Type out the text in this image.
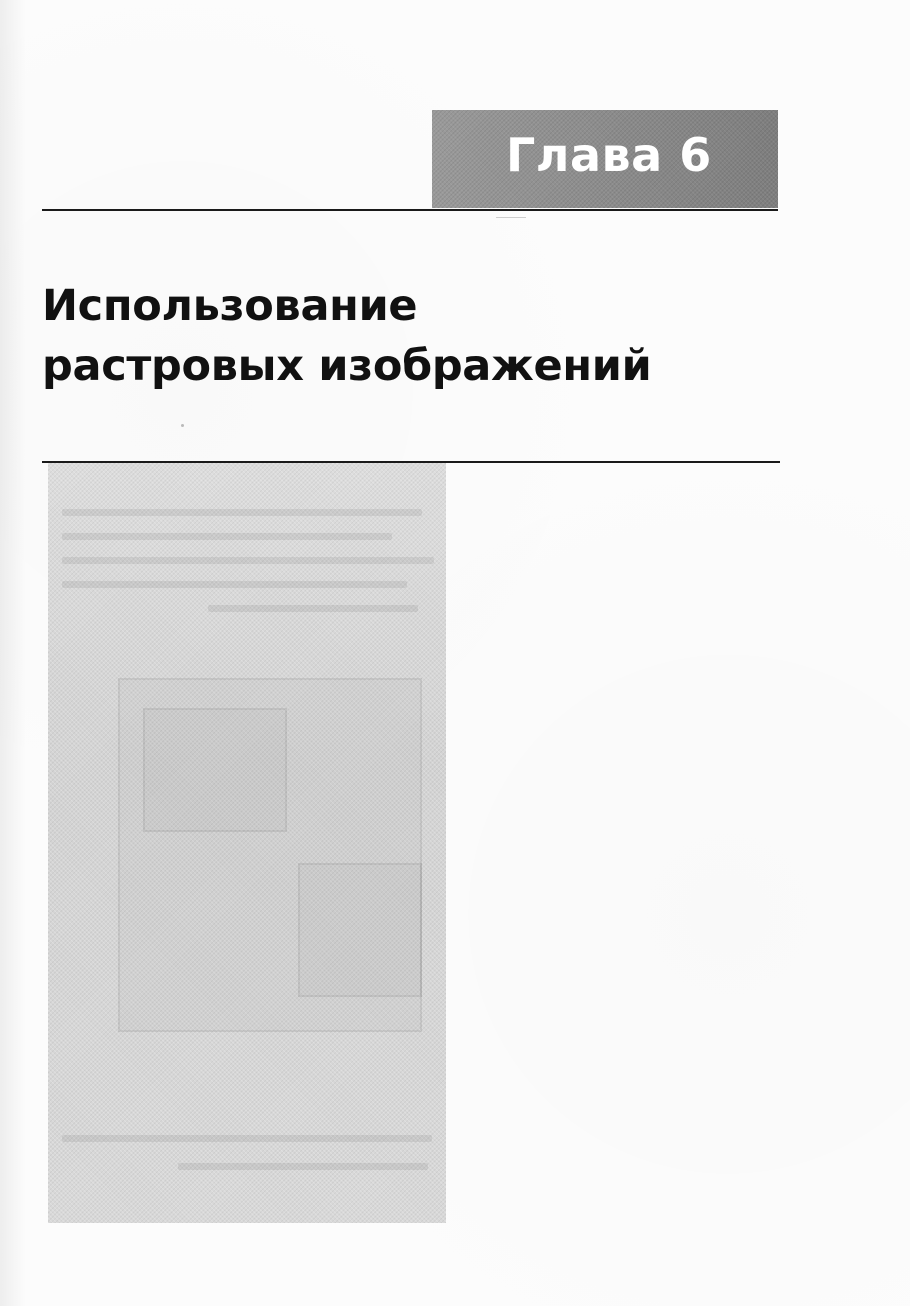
Глава 6
Использование
растровых изображений
